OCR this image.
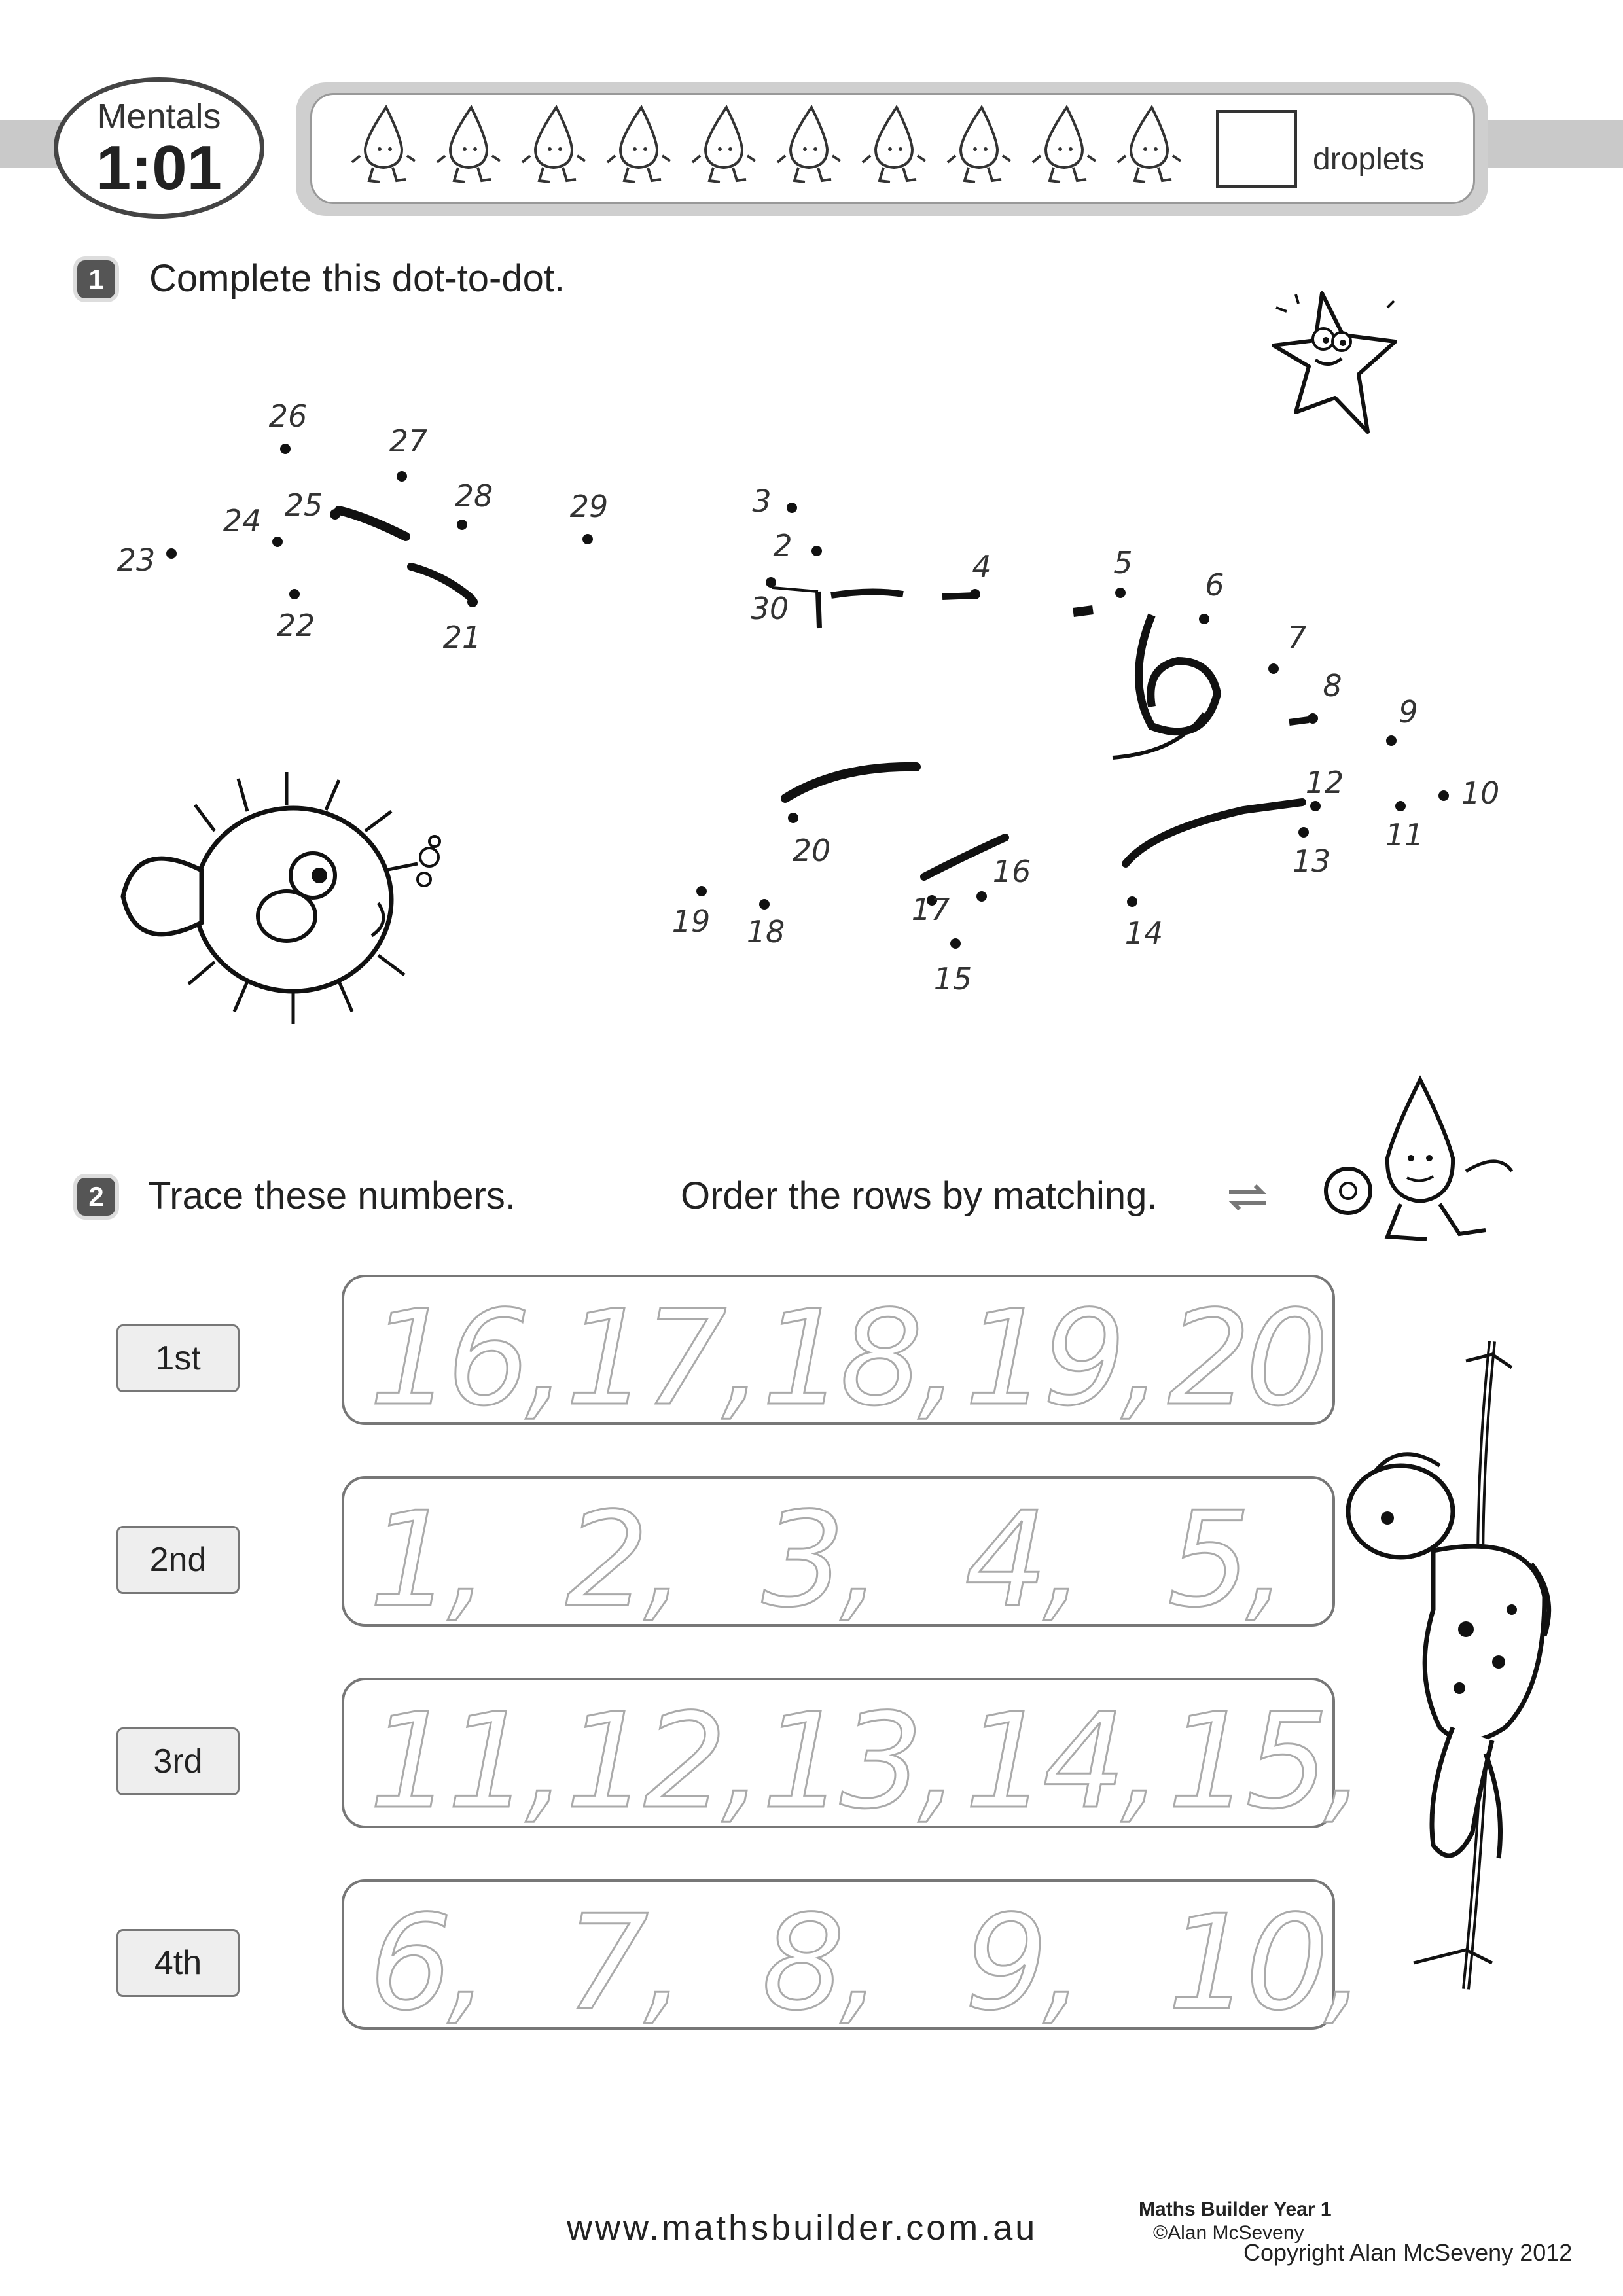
Mentals
1:01	droplets
1 Complete this dot-to-dot.
2
3
4	5
6
7
8
9
10
11
12
13
14
15
16
17
18
19
20
21
22
23
24 25
26
27
28	29
30
2 Trace these numbers.	Order the rows by matching.
1st 16, 17, 18, 19, 20
2nd 1, 2, 3, 4, 5,
3rd 11, 12, 13, 14, 15,
4th 6, 7, 8, 9, 10,
www.mathsbuilder.com.au	Maths Builder Year 1
©Alan McSeveny
Copyright Alan McSeveny 2012
